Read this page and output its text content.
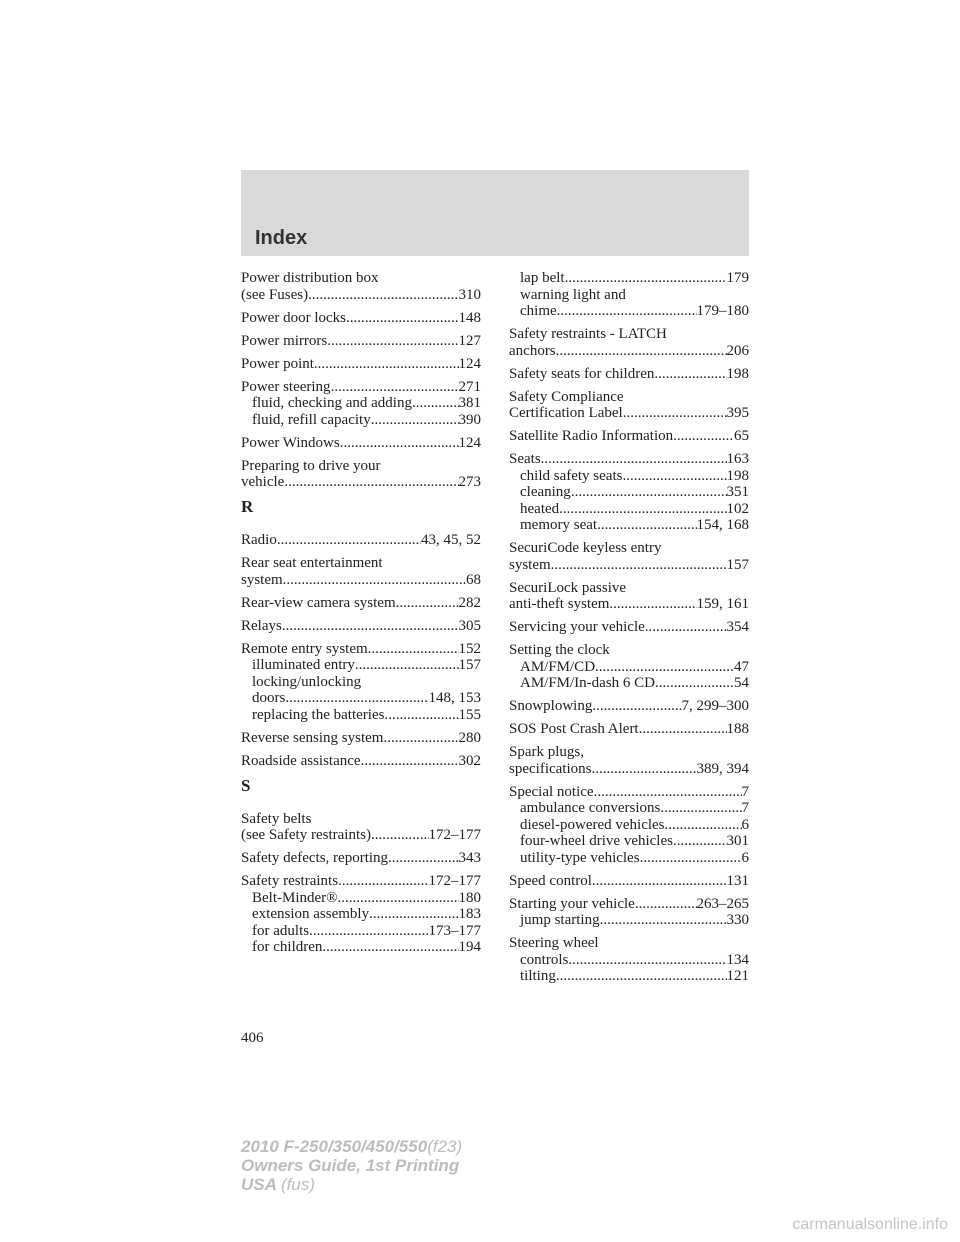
Index
Power distribution box
(see Fuses) .....	310
Power door locks .....	148
Power mirrors .....	127
Power point .....	124
Power steering .....	271
fluid, checking and adding .....	381
fluid, refill capacity .....	390
Power Windows .....	124
Preparing to drive your
vehicle .....	273
R
Radio .....	43, 45, 52
Rear seat entertainment
system .....	68
Rear-view camera system .....	282
Relays .....	305
Remote entry system .....	152
illuminated entry .....	157
locking/unlocking
doors .....	148, 153
replacing the batteries .....	155
Reverse sensing system .....	280
Roadside assistance .....	302
S
Safety belts
(see Safety restraints) .....	172–177
Safety defects, reporting .....	343
Safety restraints .....	172–177
Belt-Minder® .....	180
extension assembly .....	183
for adults .....	173–177
for children .....	194
lap belt .....	179
warning light and
chime .....	179–180
Safety restraints - LATCH
anchors .....	206
Safety seats for children .....	198
Safety Compliance
Certification Label .....	395
Satellite Radio Information .....	65
Seats .....	163
child safety seats .....	198
cleaning .....	351
heated .....	102
memory seat .....	154, 168
SecuriCode keyless entry
system .....	157
SecuriLock passive
anti-theft system .....	159, 161
Servicing your vehicle .....	354
Setting the clock
AM/FM/CD .....	47
AM/FM/In-dash 6 CD .....	54
Snowplowing .....	7, 299–300
SOS Post Crash Alert .....	188
Spark plugs,
specifications .....	389, 394
Special notice .....	7
ambulance conversions .....	7
diesel-powered vehicles .....	6
four-wheel drive vehicles .....	301
utility-type vehicles .....	6
Speed control .....	131
Starting your vehicle .....	263–265
jump starting .....	330
Steering wheel
controls .....	134
tilting .....	121
406
2010 F-250/350/450/550(f23)
Owners Guide, 1st Printing
USA (fus)
carmanualsonline.info
